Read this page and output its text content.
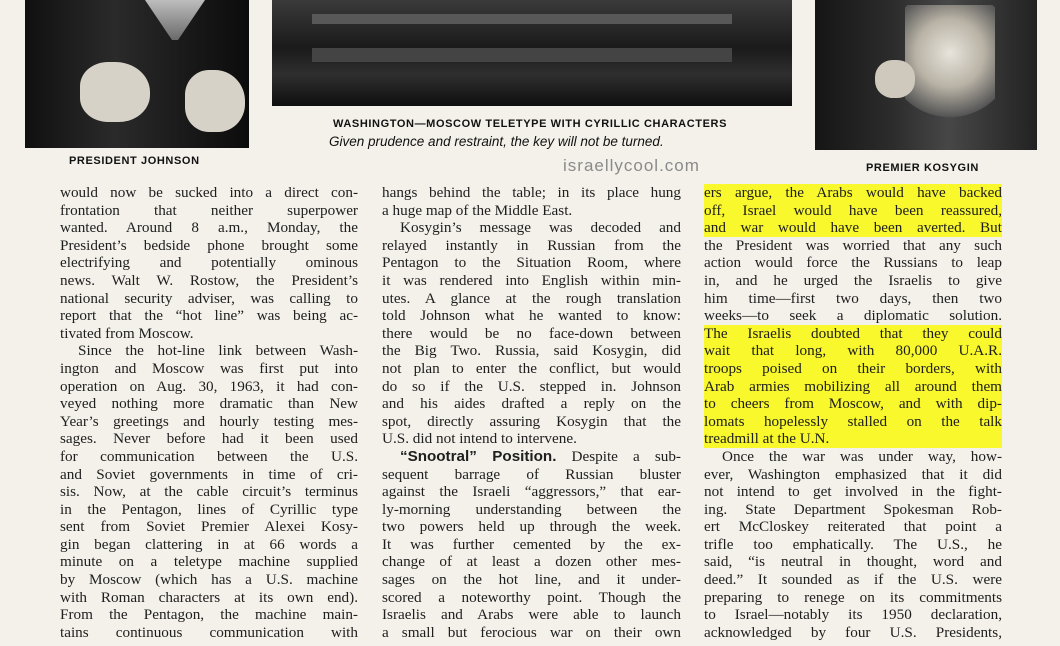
PRESIDENT JOHNSON
WASHINGTON—MOSCOW TELETYPE WITH CYRILLIC CHARACTERS
Given prudence and restraint, the key will not be turned.
PREMIER KOSYGIN
israellycool.com
would now be sucked into a direct con-
frontation that neither superpower
wanted. Around 8 a.m., Monday, the
President’s bedside phone brought some
electrifying and potentially ominous
news. Walt W. Rostow, the President’s
national security adviser, was calling to
report that the “hot line” was being ac-
tivated from Moscow.
Since the hot-line link between Wash-
ington and Moscow was first put into
operation on Aug. 30, 1963, it had con-
veyed nothing more dramatic than New
Year’s greetings and hourly testing mes-
sages. Never before had it been used
for communication between the U.S.
and Soviet governments in time of cri-
sis. Now, at the cable circuit’s terminus
in the Pentagon, lines of Cyrillic type
sent from Soviet Premier Alexei Kosy-
gin began clattering in at 66 words a
minute on a teletype machine supplied
by Moscow (which has a U.S. machine
with Roman characters at its own end).
From the Pentagon, the machine main-
tains continuous communication with
hangs behind the table; in its place hung
a huge map of the Middle East.
Kosygin’s message was decoded and
relayed instantly in Russian from the
Pentagon to the Situation Room, where
it was rendered into English within min-
utes. A glance at the rough translation
told Johnson what he wanted to know:
there would be no face-down between
the Big Two. Russia, said Kosygin, did
not plan to enter the conflict, but would
do so if the U.S. stepped in. Johnson
and his aides drafted a reply on the
spot, directly assuring Kosygin that the
U.S. did not intend to intervene.
“Snootral” Position. Despite a sub-
sequent barrage of Russian bluster
against the Israeli “aggressors,” that ear-
ly-morning understanding between the
two powers held up through the week.
It was further cemented by the ex-
change of at least a dozen other mes-
sages on the hot line, and it under-
scored a noteworthy point. Though the
Israelis and Arabs were able to launch
a small but ferocious war on their own
ers argue, the Arabs would have backed
off, Israel would have been reassured,
and war would have been averted. But
the President was worried that any such
action would force the Russians to leap
in, and he urged the Israelis to give
him time—first two days, then two
weeks—to seek a diplomatic solution.
The Israelis doubted that they could
wait that long, with 80,000 U.A.R.
troops poised on their borders, with
Arab armies mobilizing all around them
to cheers from Moscow, and with dip-
lomats hopelessly stalled on the talk
treadmill at the U.N.
Once the war was under way, how-
ever, Washington emphasized that it did
not intend to get involved in the fight-
ing. State Department Spokesman Rob-
ert McCloskey reiterated that point a
trifle too emphatically. The U.S., he
said, “is neutral in thought, word and
deed.” It sounded as if the U.S. were
preparing to renege on its commitments
to Israel—notably its 1950 declaration,
acknowledged by four U.S. Presidents,
